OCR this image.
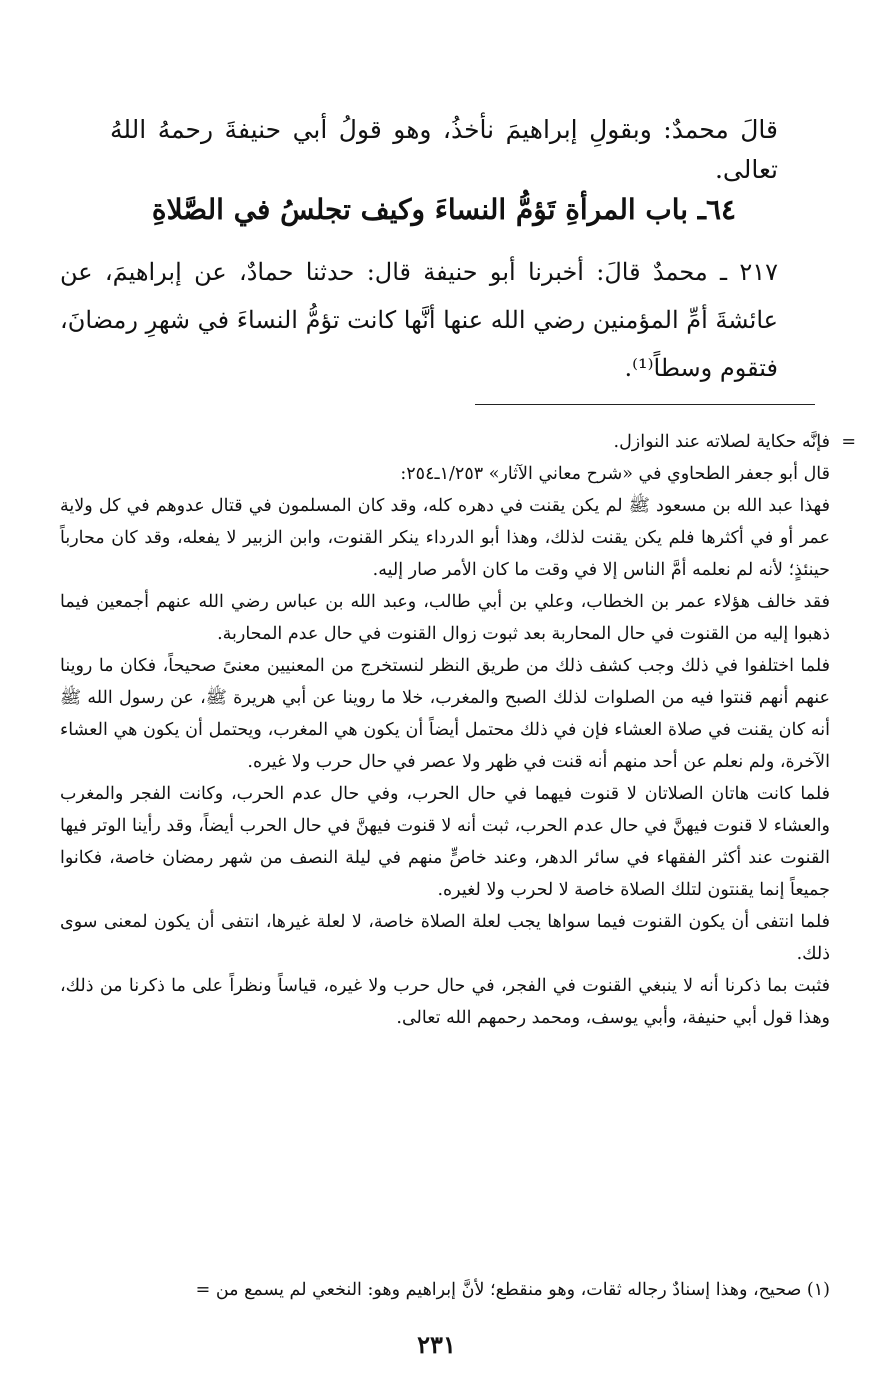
قالَ محمدٌ: وبقولِ إبراهيمَ نأخذُ، وهو قولُ أبي حنيفةَ رحمهُ اللهُ تعالى.
٦٤ـ باب المرأةِ تَؤمُّ النساءَ وكيف تجلسُ في الصَّلاةِ
٢١٧ ـ محمدٌ قالَ: أخبرنا أبو حنيفة قال: حدثنا حمادٌ، عن إبراهيمَ، عن عائشةَ أمِّ المؤمنين رضي الله عنها أنَّها كانت تؤمُّ النساءَ في شهرِ رمضانَ، فتقوم وسطاً⁽¹⁾.

=
فإنَّه حكاية لصلاته عند النوازل.

قال أبو جعفر الطحاوي في «شرح معاني الآثار» ١/٢٥٣ـ٢٥٤:

فهذا عبد الله بن مسعود ﷺ لم يكن يقنت في دهره كله، وقد كان المسلمون في قتال عدوهم في كل ولاية عمر أو في أكثرها فلم يكن يقنت لذلك، وهذا أبو الدرداء ينكر القنوت، وابن الزبير لا يفعله، وقد كان محارباً حينئذٍ؛ لأنه لم نعلمه أمَّ الناس إلا في وقت ما كان الأمر صار إليه.

فقد خالف هؤلاء عمر بن الخطاب، وعلي بن أبي طالب، وعبد الله بن عباس رضي الله عنهم أجمعين فيما ذهبوا إليه من القنوت في حال المحاربة بعد ثبوت زوال القنوت في حال عدم المحاربة.

فلما اختلفوا في ذلك وجب كشف ذلك من طريق النظر لنستخرج من المعنيين معنىً صحيحاً، فكان ما روينا عنهم أنهم قنتوا فيه من الصلوات لذلك الصبح والمغرب، خلا ما روينا عن أبي هريرة ﷺ، عن رسول الله ﷺ أنه كان يقنت في صلاة العشاء فإن في ذلك محتمل أيضاً أن يكون هي المغرب، ويحتمل أن يكون هي العشاء الآخرة، ولم نعلم عن أحد منهم أنه قنت في ظهر ولا عصر في حال حرب ولا غيره.

فلما كانت هاتان الصلاتان لا قنوت فيهما في حال الحرب، وفي حال عدم الحرب، وكانت الفجر والمغرب والعشاء لا قنوت فيهنَّ في حال عدم الحرب، ثبت أنه لا قنوت فيهنَّ في حال الحرب أيضاً، وقد رأينا الوتر فيها القنوت عند أكثر الفقهاء في سائر الدهر، وعند خاصٍّ منهم في ليلة النصف من شهر رمضان خاصة، فكانوا جميعاً إنما يقنتون لتلك الصلاة خاصة لا لحرب ولا لغيره.

فلما انتفى أن يكون القنوت فيما سواها يجب لعلة الصلاة خاصة، لا لعلة غيرها، انتفى أن يكون لمعنى سوى ذلك.

فثبت بما ذكرنا أنه لا ينبغي القنوت في الفجر، في حال حرب ولا غيره، قياساً ونظراً على ما ذكرنا من ذلك، وهذا قول أبي حنيفة، وأبي يوسف، ومحمد رحمهم الله تعالى.

(١) صحيح، وهذا إسنادٌ رجاله ثقات، وهو منقطع؛ لأنَّ إبراهيم وهو: النخعي لم يسمع من =
٢٣١
